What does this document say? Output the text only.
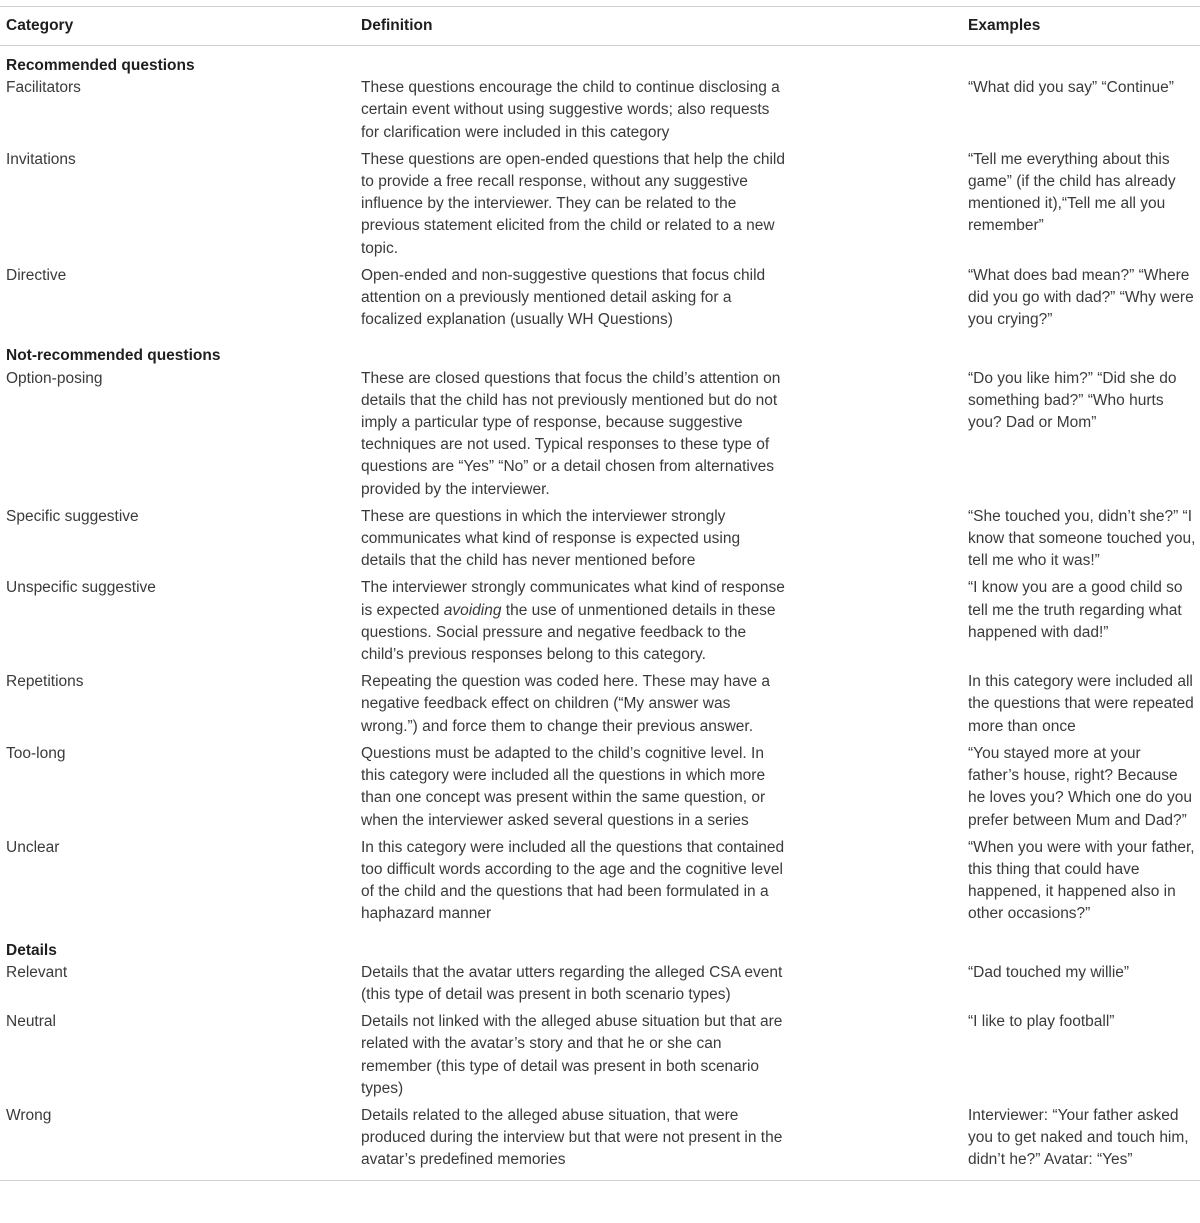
Category	Definition	Examples
Recommended questions		
Facilitators	These questions encourage the child to continue disclosing a certain event without using suggestive words; also requests for clarification were included in this category	“What did you say” “Continue”
Invitations	These questions are open-ended questions that help the child to provide a free recall response, without any suggestive influence by the interviewer. They can be related to the previous statement elicited from the child or related to a new topic.	“Tell me everything about this game” (if the child has already mentioned it),“Tell me all you remember”
Directive	Open-ended and non-suggestive questions that focus child attention on a previously mentioned detail asking for a focalized explanation (usually WH Questions)	“What does bad mean?” “Where did you go with dad?” “Why were you crying?”
Not-recommended questions		
Option-posing	These are closed questions that focus the child’s attention on details that the child has not previously mentioned but do not imply a particular type of response, because suggestive techniques are not used. Typical responses to these type of questions are “Yes” “No” or a detail chosen from alternatives provided by the interviewer.	“Do you like him?” “Did she do something bad?” “Who hurts you? Dad or Mom”
Specific suggestive	These are questions in which the interviewer strongly communicates what kind of response is expected using details that the child has never mentioned before	“She touched you, didn’t she?” “I know that someone touched you, tell me who it was!”
Unspecific suggestive	The interviewer strongly communicates what kind of response is expected avoiding the use of unmentioned details in these questions. Social pressure and negative feedback to the child’s previous responses belong to this category.	“I know you are a good child so tell me the truth regarding what happened with dad!”
Repetitions	Repeating the question was coded here. These may have a negative feedback effect on children (“My answer was wrong.”) and force them to change their previous answer.	In this category were included all the questions that were repeated more than once
Too-long	Questions must be adapted to the child’s cognitive level. In this category were included all the questions in which more than one concept was present within the same question, or when the interviewer asked several questions in a series	“You stayed more at your father’s house, right? Because he loves you? Which one do you prefer between Mum and Dad?”
Unclear	In this category were included all the questions that contained too difficult words according to the age and the cognitive level of the child and the questions that had been formulated in a haphazard manner	“When you were with your father, this thing that could have happened, it happened also in other occasions?”
Details		
Relevant	Details that the avatar utters regarding the alleged CSA event (this type of detail was present in both scenario types)	“Dad touched my willie”
Neutral	Details not linked with the alleged abuse situation but that are related with the avatar’s story and that he or she can remember (this type of detail was present in both scenario types)	“I like to play football”
Wrong	Details related to the alleged abuse situation, that were produced during the interview but that were not present in the avatar’s predefined memories	Interviewer: “Your father asked you to get naked and touch him, didn’t he?” Avatar: “Yes”
